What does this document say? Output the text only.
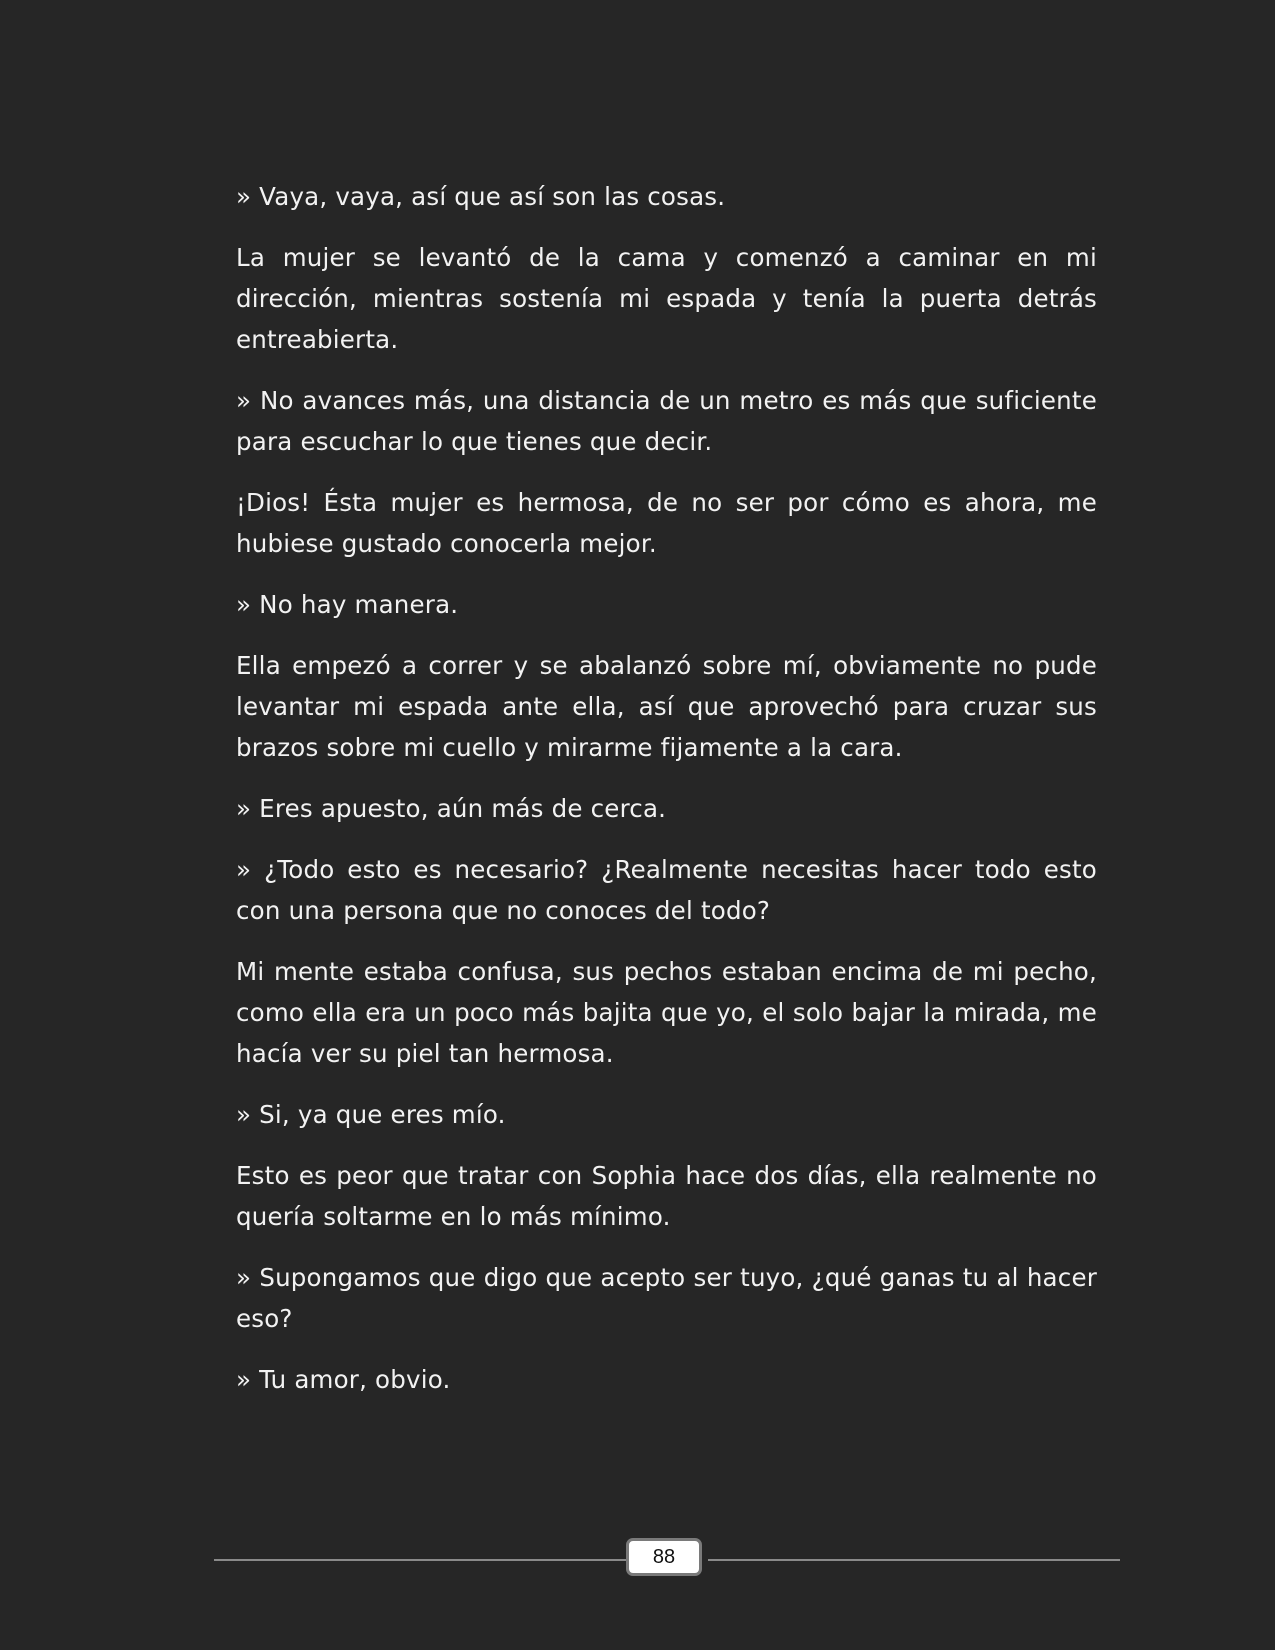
» Vaya, vaya, así que así son las cosas.

La mujer se levantó de la cama y comenzó a caminar en mi dirección, mientras sostenía mi espada y tenía la puerta detrás entreabierta.

» No avances más, una distancia de un metro es más que suficiente para escuchar lo que tienes que decir.

¡Dios! Ésta mujer es hermosa, de no ser por cómo es ahora, me hubiese gustado conocerla mejor.

» No hay manera.

Ella empezó a correr y se abalanzó sobre mí, obviamente no pude levantar mi espada ante ella, así que aprovechó para cruzar sus brazos sobre mi cuello y mirarme fijamente a la cara.

» Eres apuesto, aún más de cerca.

» ¿Todo esto es necesario? ¿Realmente necesitas hacer todo esto con una persona que no conoces del todo?

Mi mente estaba confusa, sus pechos estaban encima de mi pecho, como ella era un poco más bajita que yo, el solo bajar la mirada, me hacía ver su piel tan hermosa.

» Si, ya que eres mío.

Esto es peor que tratar con Sophia hace dos días, ella realmente no quería soltarme en lo más mínimo.

» Supongamos que digo que acepto ser tuyo, ¿qué ganas tu al hacer eso?

» Tu amor, obvio.

88
